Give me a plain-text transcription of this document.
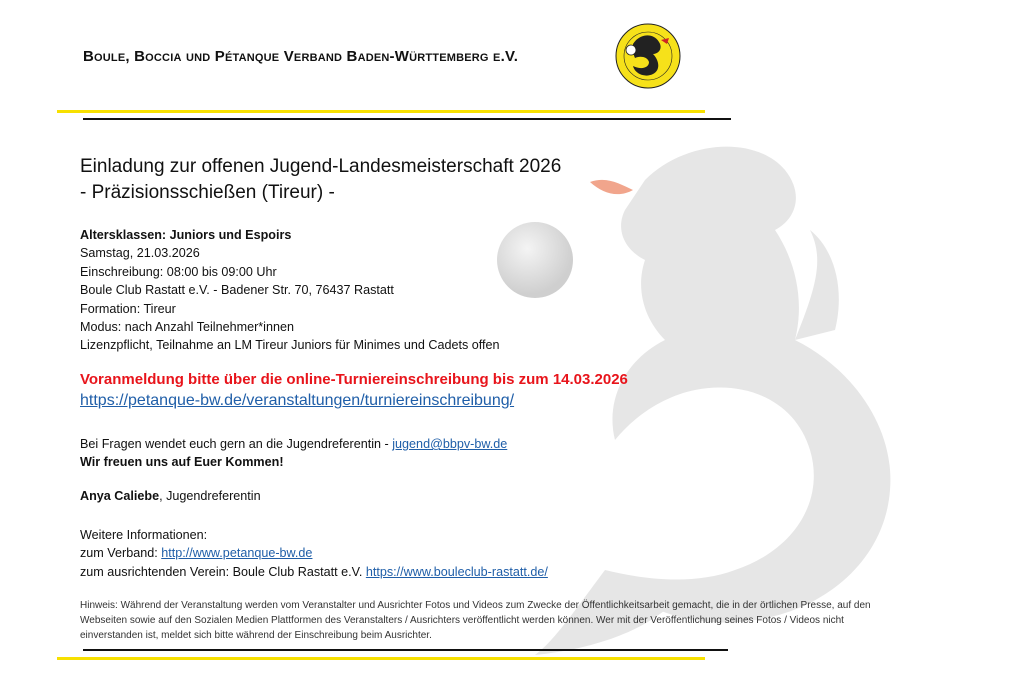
Boule, Boccia und Pétanque Verband Baden-Württemberg e.V.
Einladung zur offenen Jugend-Landesmeisterschaft 2026
- Präzisionsschießen (Tireur) -
Altersklassen: Juniors und Espoirs
Samstag, 21.03.2026
Einschreibung: 08:00 bis 09:00 Uhr
Boule Club Rastatt e.V. - Badener Str. 70, 76437 Rastatt
Formation: Tireur
Modus: nach Anzahl Teilnehmer*innen
Lizenzpflicht, Teilnahme an LM Tireur Juniors für Minimes und Cadets offen
Voranmeldung bitte über die online-Turniereinschreibung bis zum 14.03.2026
https://petanque-bw.de/veranstaltungen/turniereinschreibung/
Bei Fragen wendet euch gern an die Jugendreferentin - jugend@bbpv-bw.de
Wir freuen uns auf Euer Kommen!
Anya Caliebe, Jugendreferentin
Weitere Informationen:
zum Verband: http://www.petanque-bw.de
zum ausrichtenden Verein: Boule Club Rastatt e.V. https://www.bouleclub-rastatt.de/
Hinweis: Während der Veranstaltung werden vom Veranstalter und Ausrichter Fotos und Videos zum Zwecke der Öffentlichkeitsarbeit gemacht, die in der örtlichen Presse, auf den Webseiten sowie auf den Sozialen Medien Plattformen des Veranstalters / Ausrichters veröffentlicht werden können. Wer mit der Veröffentlichung seines Fotos / Videos nicht einverstanden ist, meldet sich bitte während der Einschreibung beim Ausrichter.
